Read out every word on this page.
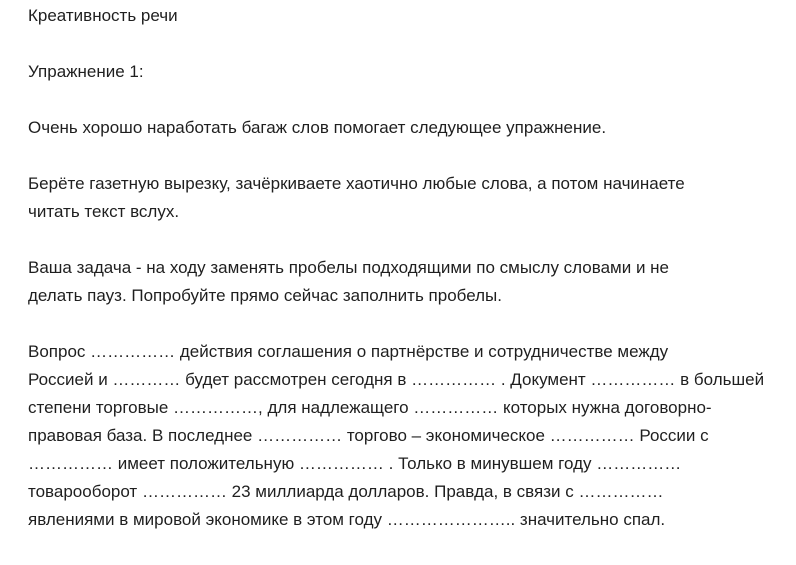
Креативность речи

Упражнение 1:

Очень хорошо наработать багаж слов помогает следующее упражнение.

Берёте газетную вырезку, зачёркиваете хаотично любые слова, а потом начинаете
читать текст вслух.

Ваша задача - на ходу заменять пробелы подходящими по смыслу словами и не
делать пауз. Попробуйте прямо сейчас заполнить пробелы.

Вопрос …………… действия соглашения о партнёрстве и сотрудничестве между
Россией и ………… будет рассмотрен сегодня в …………… . Документ …………… в большей
степени торговые ……………, для надлежащего …………… которых нужна договорно-
правовая база. В последнее …………… торгово – экономическое …………… России с
…………… имеет положительную …………… . Только в минувшем году ……………
товарооборот …………… 23 миллиарда долларов. Правда, в связи с ……………
явлениями в мировой экономике в этом году ………………….. значительно спал.
